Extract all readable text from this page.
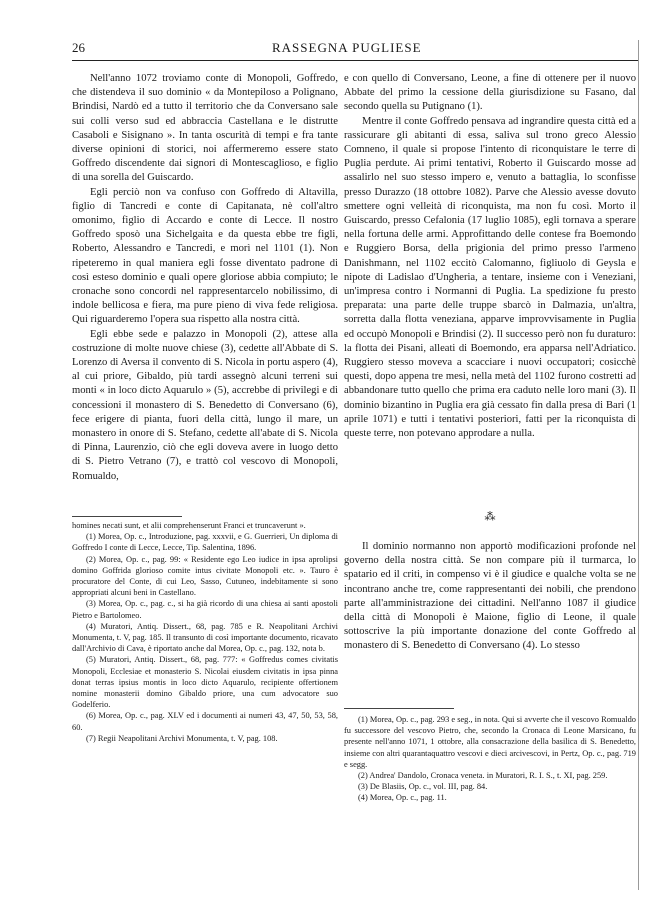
26	RASSEGNA PUGLIESE

Nell'anno 1072 troviamo conte di Monopoli, Goffredo, che distendeva il suo dominio « da Montepiloso a Polignano, Brindisi, Nardò ed a tutto il territorio che da Conversano sale sui colli verso sud ed abbraccia Castellana e le distrutte Casaboli e Sisignano ». In tanta oscurità di tempi e fra tante diverse opinioni di storici, noi affermeremo essere stato Goffredo discendente dai signori di Montescaglioso, e figlio di una sorella del Guiscardo.

Egli perciò non va confuso con Goffredo di Altavilla, figlio di Tancredi e conte di Capitanata, nè coll'altro omonimo, figlio di Accardo e conte di Lecce. Il nostro Goffredo sposò una Sichelgaita e da questa ebbe tre figli, Roberto, Alessandro e Tancredi, e morì nel 1101 (1). Non ripeteremo in qual maniera egli fosse diventato padrone di così esteso dominio e quali opere gloriose abbia compiuto; le cronache sono concordi nel rappresentarcelo nobilissimo, di indole bellicosa e fiera, ma pure pieno di viva fede religiosa. Qui riguarderemo l'opera sua rispetto alla nostra città.

Egli ebbe sede e palazzo in Monopoli (2), attese alla costruzione di molte nuove chiese (3), cedette all'Abbate di S. Lorenzo di Aversa il convento di S. Nicola in portu aspero (4), al cui priore, Gibaldo, più tardi assegnò alcuni terreni sui monti « in loco dicto Aquarulo » (5), accrebbe di privilegi e di concessioni il monastero di S. Benedetto di Conversano (6), fece erigere di pianta, fuori della città, lungo il mare, un monastero in onore di S. Stefano, cedette all'abate di S. Nicola di Pinna, Laurenzio, ciò che egli doveva avere in luogo detto di S. Pietro Vetrano (7), e trattò col vescovo di Monopoli, Romualdo,

e con quello di Conversano, Leone, a fine di ottenere per il nuovo Abbate del primo la cessione della giurisdizione su Fasano, dal secondo quella su Putignano (1).

Mentre il conte Goffredo pensava ad ingrandire questa città ed a rassicurare gli abitanti di essa, saliva sul trono greco Alessio Comneno, il quale si propose l'intento di riconquistare le terre di Puglia perdute. Ai primi tentativi, Roberto il Guiscardo mosse ad assalirlo nel suo stesso impero e, venuto a battaglia, lo sconfisse presso Durazzo (18 ottobre 1082). Parve che Alessio avesse dovuto smettere ogni velleità di riconquista, ma non fu così. Morto il Guiscardo, presso Cefalonia (17 luglio 1085), egli tornava a sperare nella fortuna delle armi. Approfittando delle contese fra Boemondo e Ruggiero Borsa, della prigionia del primo presso l'armeno Danishmann, nel 1102 eccitò Calomanno, figliuolo di Geysla e nipote di Ladislao d'Ungheria, a tentare, insieme con i Veneziani, un'impresa contro i Normanni di Puglia. La spedizione fu presto preparata: una parte delle truppe sbarcò in Dalmazia, un'altra, sorretta dalla flotta veneziana, apparve improvvisamente in Puglia ed occupò Monopoli e Brindisi (2). Il successo però non fu duraturo: la flotta dei Pisani, alleati di Boemondo, era apparsa nell'Adriatico. Ruggiero stesso moveva a scacciare i nuovi occupatori; cosicchè questi, dopo appena tre mesi, nella metà del 1102 furono costretti ad abbandonare tutto quello che prima era caduto nelle loro mani (3). Il dominio bizantino in Puglia era già cessato fin dalla presa di Bari (1 aprile 1071) e tutti i tentativi posteriori, fatti per la riconquista di queste terre, non potevano approdare a nulla.

⁂

Il dominio normanno non apportò modificazioni profonde nel governo della nostra città. Se non compare più il turmarca, lo spatario ed il criti, in compenso vi è il giudice e qualche volta se ne incontrano anche tre, come rappresentanti dei nobili, che prendono parte all'amministrazione dei cittadini. Nell'anno 1087 il giudice della città di Monopoli è Maione, figlio di Leone, il quale sottoscrive la più importante donazione del conte Goffredo al monastero di S. Benedetto di Conversano (4). Lo stesso

homines necati sunt, et alii comprehenserunt Franci et truncaverunt ».

(1) Morea, Op. c., Introduzione, pag. xxxvii, e G. Guerrieri, Un diploma di Goffredo I conte di Lecce, Lecce, Tip. Salentina, 1896.

(2) Morea, Op. c., pag. 99: « Residente ego Leo iudice in ipsa aprolipsi domino Goffrida glorioso comite intus civitate Monopoli etc. ». Tauro è procuratore del Conte, di cui Leo, Sasso, Cutuneo, indebitamente si sono appropriati alcuni beni in Castellano.

(3) Morea, Op. c., pag. c., si ha già ricordo di una chiesa ai santi apostoli Pietro e Bartolomeo.

(4) Muratori, Antiq. Dissert., 68, pag. 785 e R. Neapolitani Archivi Monumenta, t. V, pag. 185. Il transunto di così importante documento, ricavato dall'Archivio di Cava, è riportato anche dal Morea, Op. c., pag. 132, nota b.

(5) Muratori, Antiq. Dissert., 68, pag. 777: « Goffredus comes civitatis Monopoli, Ecclesiae et monasterio S. Nicolai eiusdem civitatis in ipsa pinna donat terras ipsius montis in loco dicto Aquarulo, recipiente offertionem nomine monasterii domino Gibaldo priore, una cum advocatore suo Godelferio.

(6) Morea, Op. c., pag. XLV ed i documenti ai numeri 43, 47, 50, 53, 58, 60.

(7) Regii Neapolitani Archivi Monumenta, t. V, pag. 108.

(1) Morea, Op. c., pag. 293 e seg., in nota. Qui si avverte che il vescovo Romualdo fu successore del vescovo Pietro, che, secondo la Cronaca di Leone Marsicano, fu presente nell'anno 1071, 1 ottobre, alla consacrazione della basilica di S. Benedetto, insieme con altri quarantaquattro vescovi e dieci arcivescovi, in Pertz, Op. c., pag. 719 e segg.

(2) Andrea' Dandolo, Cronaca veneta. in Muratori, R. I. S., t. XI, pag. 259.

(3) De Blasiis, Op. c., vol. III, pag. 84.

(4) Morea, Op. c., pag. 11.
